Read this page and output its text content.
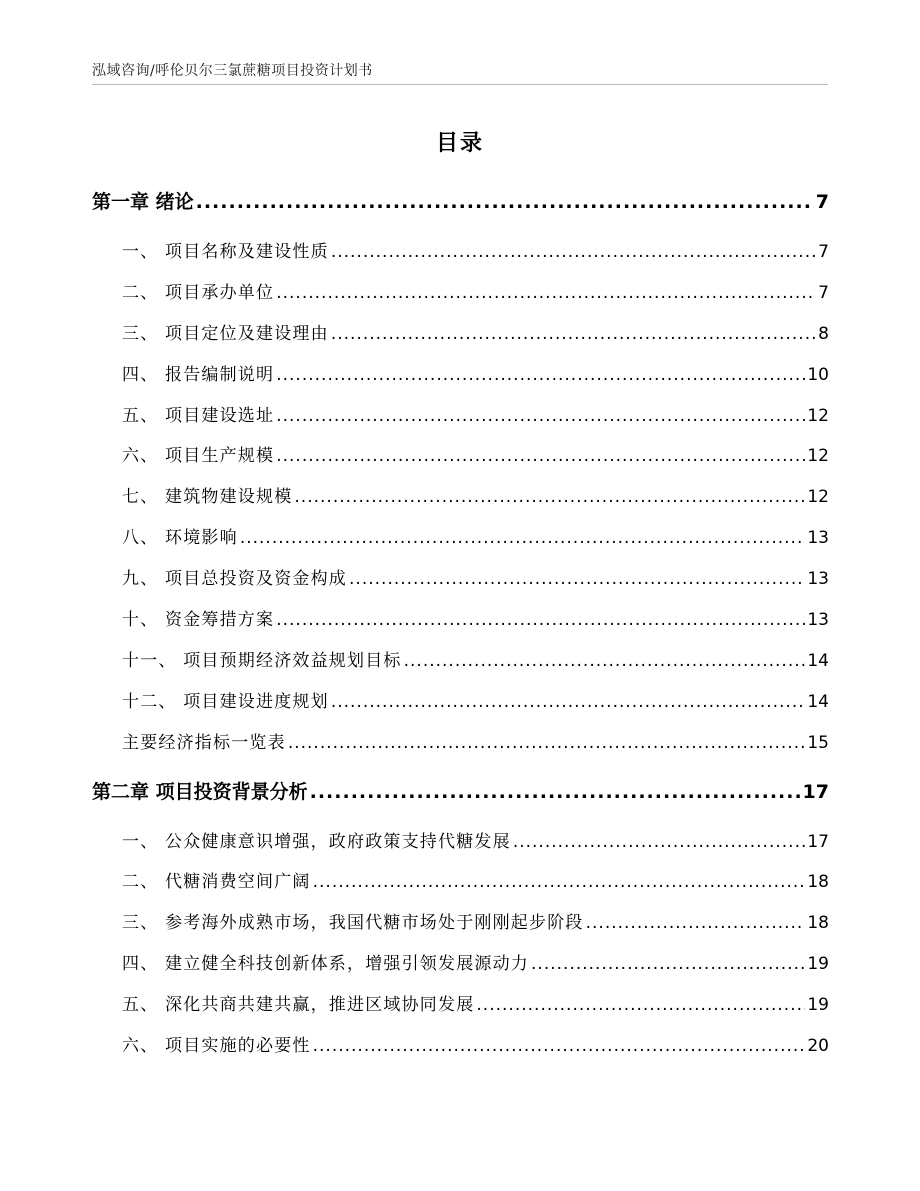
泓域咨询/呼伦贝尔三氯蔗糖项目投资计划书
目录
第一章 绪论 .....	7
一、 项目名称及建设性质 .....	7
二、 项目承办单位 .....	7
三、 项目定位及建设理由 .....	8
四、 报告编制说明 .....	10
五、 项目建设选址 .....	12
六、 项目生产规模 .....	12
七、 建筑物建设规模 .....	12
八、 环境影响 .....	13
九、 项目总投资及资金构成 .....	13
十、 资金筹措方案 .....	13
十一、 项目预期经济效益规划目标 .....	14
十二、 项目建设进度规划 .....	14
主要经济指标一览表 .....	15
第二章 项目投资背景分析 .....	17
一、 公众健康意识增强，政府政策支持代糖发展 .....	17
二、 代糖消费空间广阔 .....	18
三、 参考海外成熟市场，我国代糖市场处于刚刚起步阶段 .....	18
四、 建立健全科技创新体系，增强引领发展源动力 .....	19
五、 深化共商共建共赢，推进区域协同发展 .....	19
六、 项目实施的必要性 .....	20
